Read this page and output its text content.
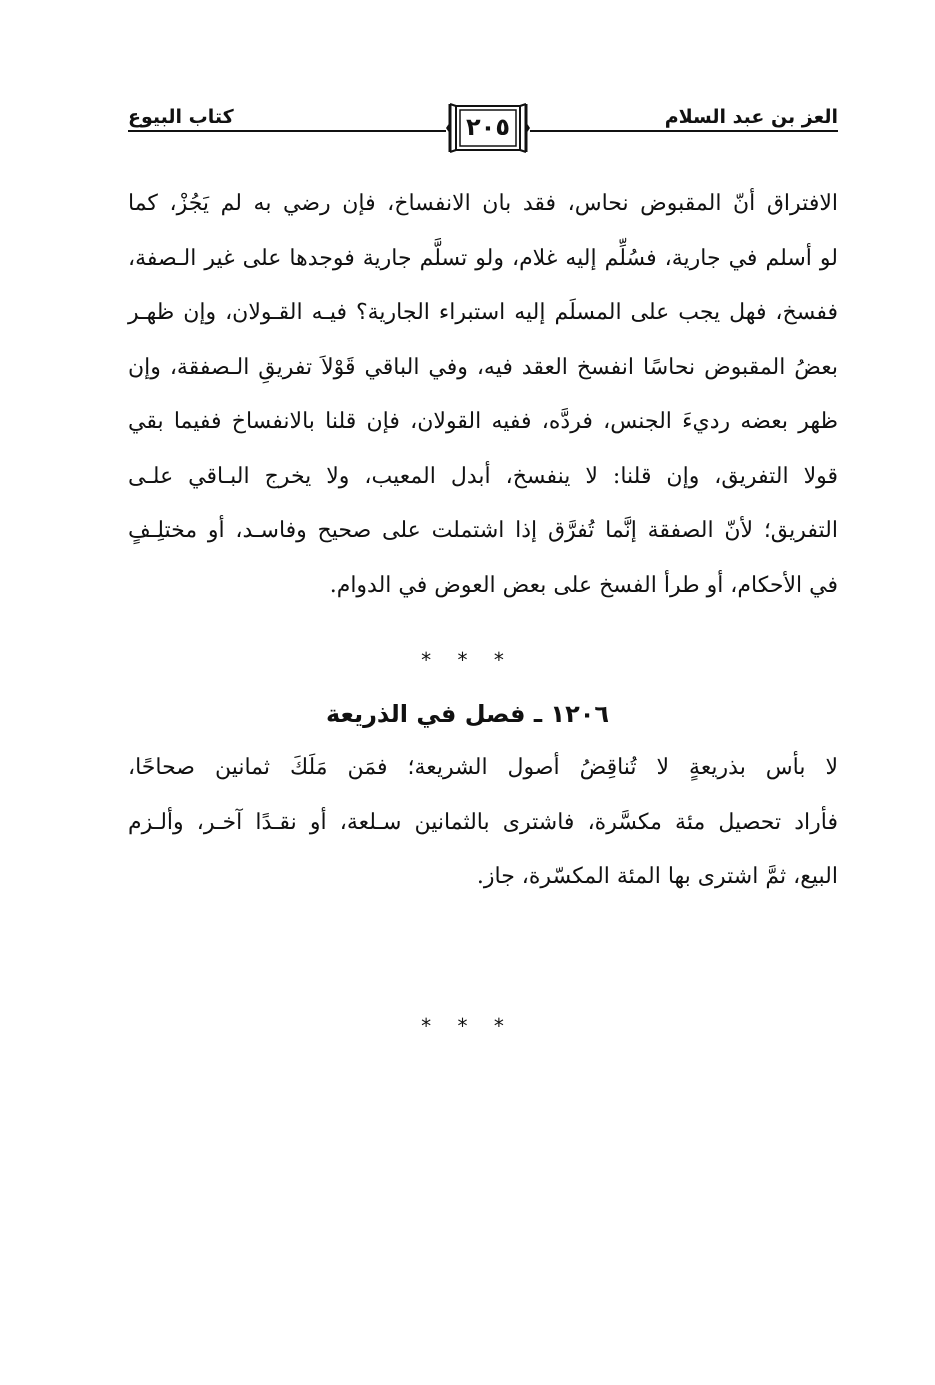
العز بن عبد السلام
كتاب البيوع	٢٠٥
الافتراق أنّ المقبوض نحاس، فقد بان الانفساخ، فإن رضي به لم يَجُزْ، كما
لو أسلم في جارية، فسُلِّم إليه غلام، ولو تسلَّم جارية فوجدها على غير الـصفة،
ففسخ، فهل يجب على المسلَم إليه استبراء الجارية؟ فيـه القـولان، وإن ظهـر
بعضُ المقبوض نحاسًا انفسخ العقد فيه، وفي الباقي قَوْلاَ تفريقِ الـصفقة، وإن
ظهر بعضه رديءَ الجنس، فردَّه، ففيه القولان، فإن قلنا بالانفساخ ففيما بقي
قولا التفريق، وإن قلنا: لا ينفسخ، أبدل المعيب، ولا يخرج البـاقي علـى
التفريق؛ لأنّ الصفقة إنَّما تُفرَّق إذا اشتملت على صحيح وفاسـد، أو مختلِـفٍ
في الأحكام، أو طرأ الفسخ على بعض العوض في الدوام.
* * *
١٢٠٦ ـ فصل في الذريعة
لا بأس بذريعةٍ لا تُناقِضُ أصول الشريعة؛ فمَن مَلَكَ ثمانين صحاحًا،
فأراد تحصيل مئة مكسَّرة، فاشترى بالثمانين سـلعة، أو نقـدًا آخـر، وألـزم
البيع، ثمَّ اشترى بها المئة المكسّرة، جاز.
* * *
